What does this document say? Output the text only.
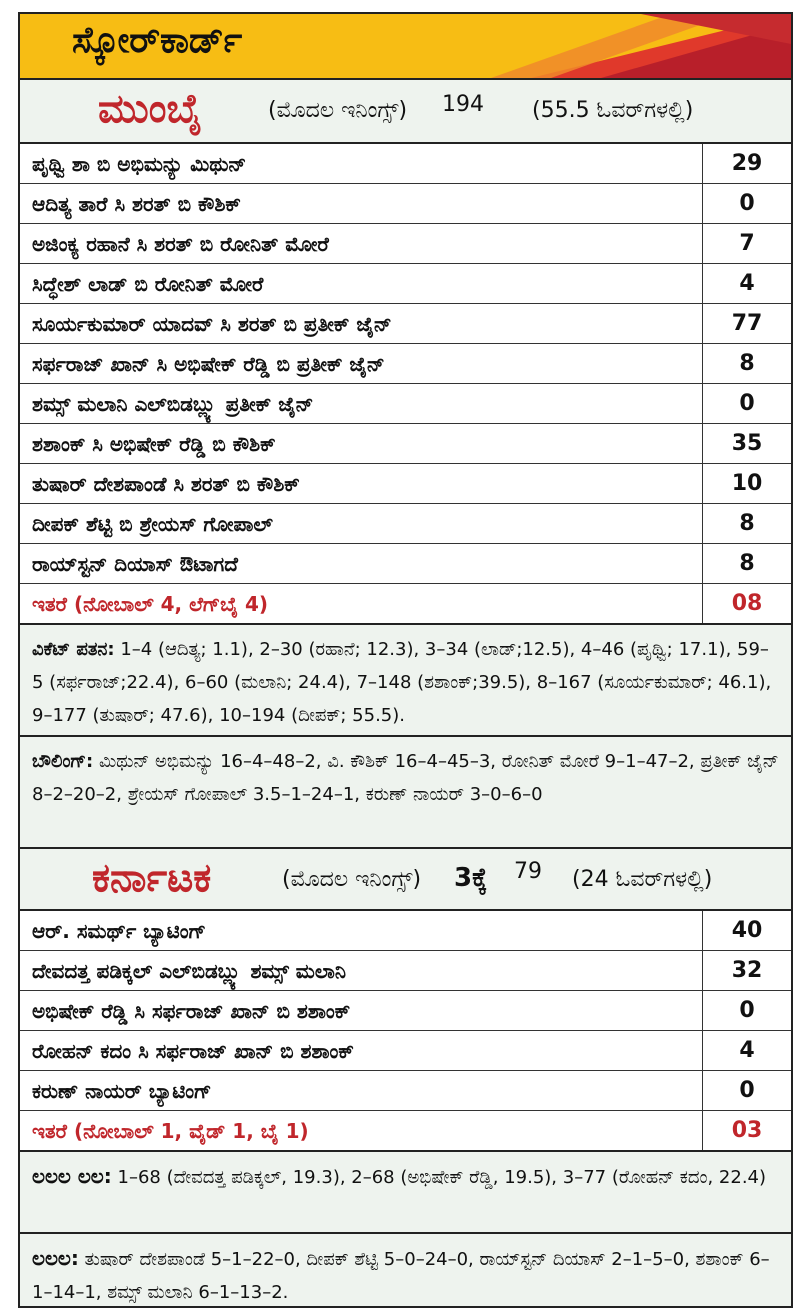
ಸ್ಕೋರ್‌ಕಾರ್ಡ್
ಮುಂಬೈ	(ಮೊದಲ ಇನಿಂಗ್ಸ್) 194 (55.5 ಓವರ್‌ಗಳಲ್ಲಿ)
ಪೃಥ್ವಿ ಶಾ ಬಿ ಅಭಿಮನ್ಯು ಮಿಥುನ್	29
ಆದಿತ್ಯ ತಾರೆ ಸಿ ಶರತ್ ಬಿ ಕೌಶಿಕ್	0
ಅಜಿಂಕ್ಯ ರಹಾನೆ ಸಿ ಶರತ್ ಬಿ ರೋನಿತ್ ಮೋರೆ	7
ಸಿದ್ಧೇಶ್ ಲಾಡ್ ಬಿ ರೋನಿತ್ ಮೋರೆ	4
ಸೂರ್ಯಕುಮಾರ್ ಯಾದವ್ ಸಿ ಶರತ್ ಬಿ ಪ್ರತೀಕ್ ಜೈನ್	77
ಸರ್ಫರಾಜ್ ಖಾನ್ ಸಿ ಅಭಿಷೇಕ್ ರೆಡ್ಡಿ ಬಿ ಪ್ರತೀಕ್ ಜೈನ್	8
ಶಮ್ಸ್ ಮಲಾನಿ ಎಲ್‌ಬಿಡಬ್ಲ್ಯು ಪ್ರತೀಕ್ ಜೈನ್	0
ಶಶಾಂಕ್ ಸಿ ಅಭಿಷೇಕ್ ರೆಡ್ಡಿ ಬಿ ಕೌಶಿಕ್	35
ತುಷಾರ್ ದೇಶಪಾಂಡೆ ಸಿ ಶರತ್ ಬಿ ಕೌಶಿಕ್	10
ದೀಪಕ್ ಶೆಟ್ಟಿ ಬಿ ಶ್ರೇಯಸ್ ಗೋಪಾಲ್	8
ರಾಯ್‌ಸ್ಟನ್ ದಿಯಾಸ್ ಔಟಾಗದೆ	8
ಇತರೆ (ನೋಬಾಲ್ 4, ಲೆಗ್‌ಬೈ 4)	08
ವಿಕೆಟ್ ಪತನ: 1–4 (ಆದಿತ್ಯ; 1.1), 2–30 (ರಹಾನೆ; 12.3), 3–34 (ಲಾಡ್;12.5), 4–46 (ಪೃಥ್ವಿ; 17.1), 59–5 (ಸರ್ಫರಾಜ್;22.4), 6–60 (ಮಲಾನಿ; 24.4), 7–148 (ಶಶಾಂಕ್;39.5), 8–167 (ಸೂರ್ಯಕುಮಾರ್; 46.1), 9–177 (ತುಷಾರ್; 47.6), 10–194 (ದೀಪಕ್; 55.5).
ಬೌಲಿಂಗ್: ಮಿಥುನ್ ಅಭಿಮನ್ಯು 16–4–48–2, ವಿ. ಕೌಶಿಕ್ 16–4–45–3, ರೋನಿತ್ ಮೋರೆ 9–1–47–2, ಪ್ರತೀಕ್ ಜೈನ್ 8–2–20–2, ಶ್ರೇಯಸ್ ಗೋಪಾಲ್ 3.5–1–24–1, ಕರುಣ್ ನಾಯರ್ 3–0–6–0
ಕರ್ನಾಟಕ	(ಮೊದಲ ಇನಿಂಗ್ಸ್) 3ಕ್ಕೆ 79 (24 ಓವರ್‌ಗಳಲ್ಲಿ)
ಆರ್. ಸಮರ್ಥ್ ಬ್ಯಾಟಿಂಗ್	40
ದೇವದತ್ತ ಪಡಿಕ್ಕಲ್ ಎಲ್‌ಬಿಡಬ್ಲ್ಯು ಶಮ್ಸ್ ಮಲಾನಿ	32
ಅಭಿಷೇಕ್ ರೆಡ್ಡಿ ಸಿ ಸರ್ಫರಾಜ್ ಖಾನ್ ಬಿ ಶಶಾಂಕ್	0
ರೋಹನ್ ಕದಂ ಸಿ ಸರ್ಫರಾಜ್ ಖಾನ್ ಬಿ ಶಶಾಂಕ್	4
ಕರುಣ್ ನಾಯರ್ ಬ್ಯಾಟಿಂಗ್	0
ಇತರೆ (ನೋಬಾಲ್ 1, ವೈಡ್ 1, ಬೈ 1)	03
ಲಲಲ ಲಲ: 1–68 (ದೇವದತ್ತ ಪಡಿಕ್ಕಲ್, 19.3), 2–68 (ಅಭಿಷೇಕ್ ರೆಡ್ಡಿ, 19.5), 3–77 (ರೋಹನ್ ಕದಂ, 22.4)
ಲಲಲ: ತುಷಾರ್ ದೇಶಪಾಂಡೆ 5–1–22–0, ದೀಪಕ್ ಶೆಟ್ಟಿ 5–0–24–0, ರಾಯ್‌ಸ್ಟನ್ ದಿಯಾಸ್ 2–1–5–0, ಶಶಾಂಕ್ 6–1–14–1, ಶಮ್ಸ್ ಮಲಾನಿ 6–1–13–2.
